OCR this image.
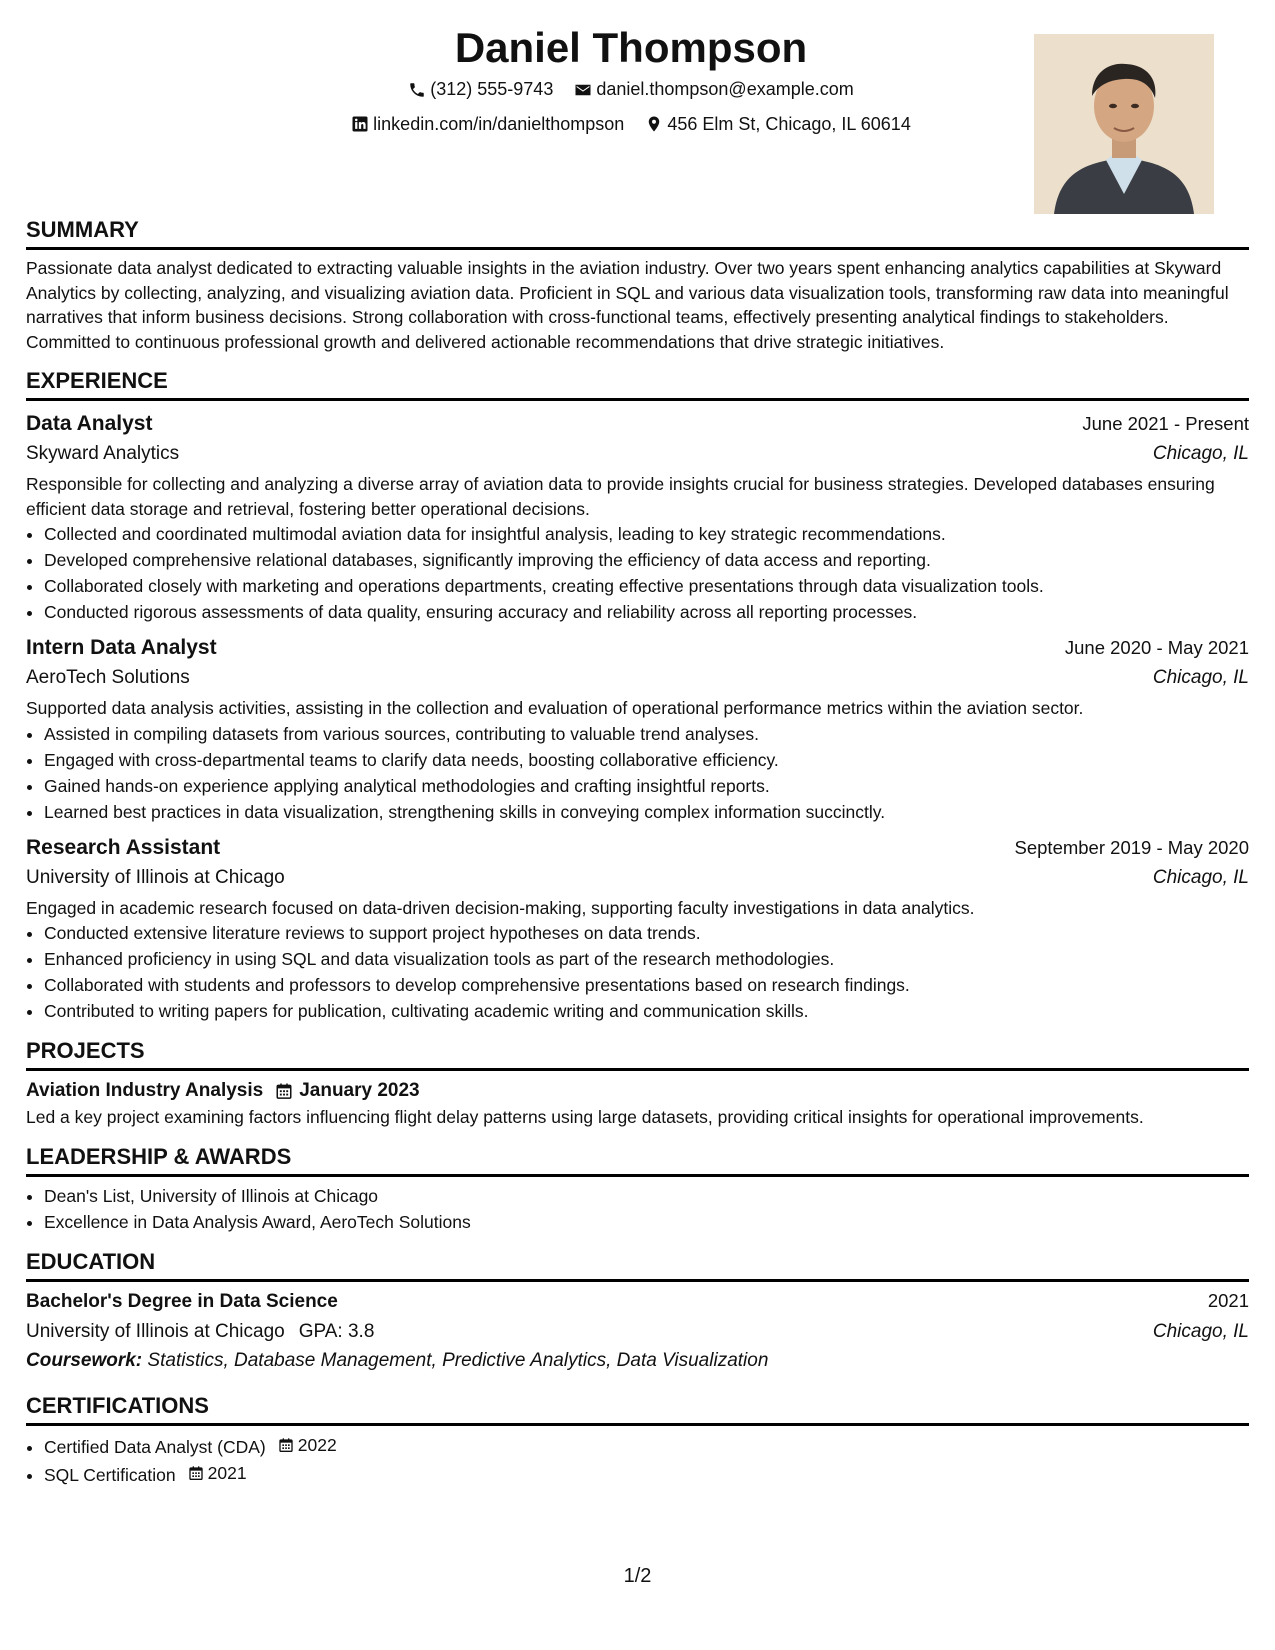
Daniel Thompson
(312) 555-9743
daniel.thompson@example.com
linkedin.com/in/danielthompson
456 Elm St, Chicago, IL 60614
SUMMARY
Passionate data analyst dedicated to extracting valuable insights in the aviation industry. Over two years spent enhancing analytics capabilities at Skyward Analytics by collecting, analyzing, and visualizing aviation data. Proficient in SQL and various data visualization tools, transforming raw data into meaningful narratives that inform business decisions. Strong collaboration with cross-functional teams, effectively presenting analytical findings to stakeholders. Committed to continuous professional growth and delivered actionable recommendations that drive strategic initiatives.
EXPERIENCE
Data Analyst	June 2021 - Present
Skyward Analytics	Chicago, IL
Responsible for collecting and analyzing a diverse array of aviation data to provide insights crucial for business strategies. Developed databases ensuring efficient data storage and retrieval, fostering better operational decisions.
• Collected and coordinated multimodal aviation data for insightful analysis, leading to key strategic recommendations.
• Developed comprehensive relational databases, significantly improving the efficiency of data access and reporting.
• Collaborated closely with marketing and operations departments, creating effective presentations through data visualization tools.
• Conducted rigorous assessments of data quality, ensuring accuracy and reliability across all reporting processes.
Intern Data Analyst	June 2020 - May 2021
AeroTech Solutions	Chicago, IL
Supported data analysis activities, assisting in the collection and evaluation of operational performance metrics within the aviation sector.
• Assisted in compiling datasets from various sources, contributing to valuable trend analyses.
• Engaged with cross-departmental teams to clarify data needs, boosting collaborative efficiency.
• Gained hands-on experience applying analytical methodologies and crafting insightful reports.
• Learned best practices in data visualization, strengthening skills in conveying complex information succinctly.
Research Assistant	September 2019 - May 2020
University of Illinois at Chicago	Chicago, IL
Engaged in academic research focused on data-driven decision-making, supporting faculty investigations in data analytics.
• Conducted extensive literature reviews to support project hypotheses on data trends.
• Enhanced proficiency in using SQL and data visualization tools as part of the research methodologies.
• Collaborated with students and professors to develop comprehensive presentations based on research findings.
• Contributed to writing papers for publication, cultivating academic writing and communication skills.
PROJECTS
Aviation Industry Analysis January 2023
Led a key project examining factors influencing flight delay patterns using large datasets, providing critical insights for operational improvements.
LEADERSHIP & AWARDS
• Dean's List, University of Illinois at Chicago
• Excellence in Data Analysis Award, AeroTech Solutions
EDUCATION
Bachelor's Degree in Data Science	2021
University of Illinois at Chicago GPA: 3.8	Chicago, IL
Coursework: Statistics, Database Management, Predictive Analytics, Data Visualization
CERTIFICATIONS
• Certified Data Analyst (CDA) 2022
• SQL Certification 2021
1/2
